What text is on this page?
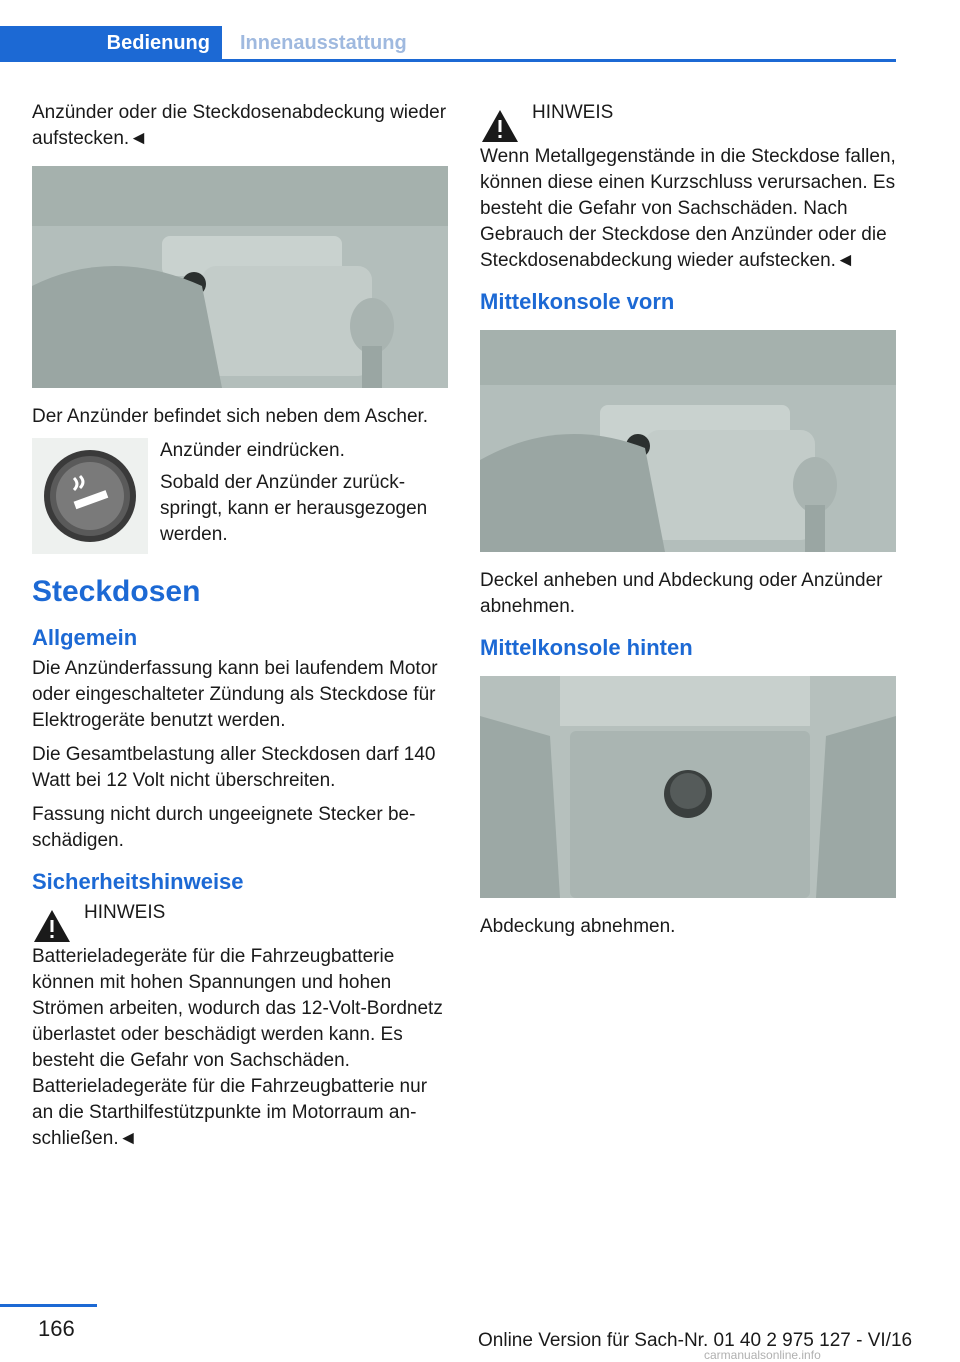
Bedienung	Innenausstattung

Anzünder oder die Steckdosenabdeckung wieder aufstecken.◄

Der Anzünder befindet sich neben dem Ascher.

Anzünder eindrücken.

Sobald der Anzünder zurückspringt, kann er herausgezogen werden.

Steckdosen
Allgemein

Die Anzünderfassung kann bei laufendem Motor oder eingeschalteter Zündung als Steckdose für Elektrogeräte benutzt werden.

Die Gesamtbelastung aller Steckdosen darf 140 Watt bei 12 Volt nicht überschreiten.

Fassung nicht durch ungeeignete Stecker beschädigen.

Sicherheitshinweise

HINWEIS

Batterieladegeräte für die Fahrzeugbatterie können mit hohen Spannungen und hohen Strömen arbeiten, wodurch das 12-Volt-Bordnetz überlastet oder beschädigt werden kann. Es besteht die Gefahr von Sachschäden. Batterieladegeräte für die Fahrzeugbatterie nur an die Starthilfestützpunkte im Motorraum anschließen.◄

HINWEIS

Wenn Metallgegenstände in die Steckdose fallen, können diese einen Kurzschluss verursachen. Es besteht die Gefahr von Sachschäden. Nach Gebrauch der Steckdose den Anzünder oder die Steckdosenabdeckung wieder aufstecken.◄

Mittelkonsole vorn

Deckel anheben und Abdeckung oder Anzünder abnehmen.

Mittelkonsole hinten

Abdeckung abnehmen.

166	Online Version für Sach-Nr. 01 40 2 975 127 - VI/16
carmanualsonline.info
